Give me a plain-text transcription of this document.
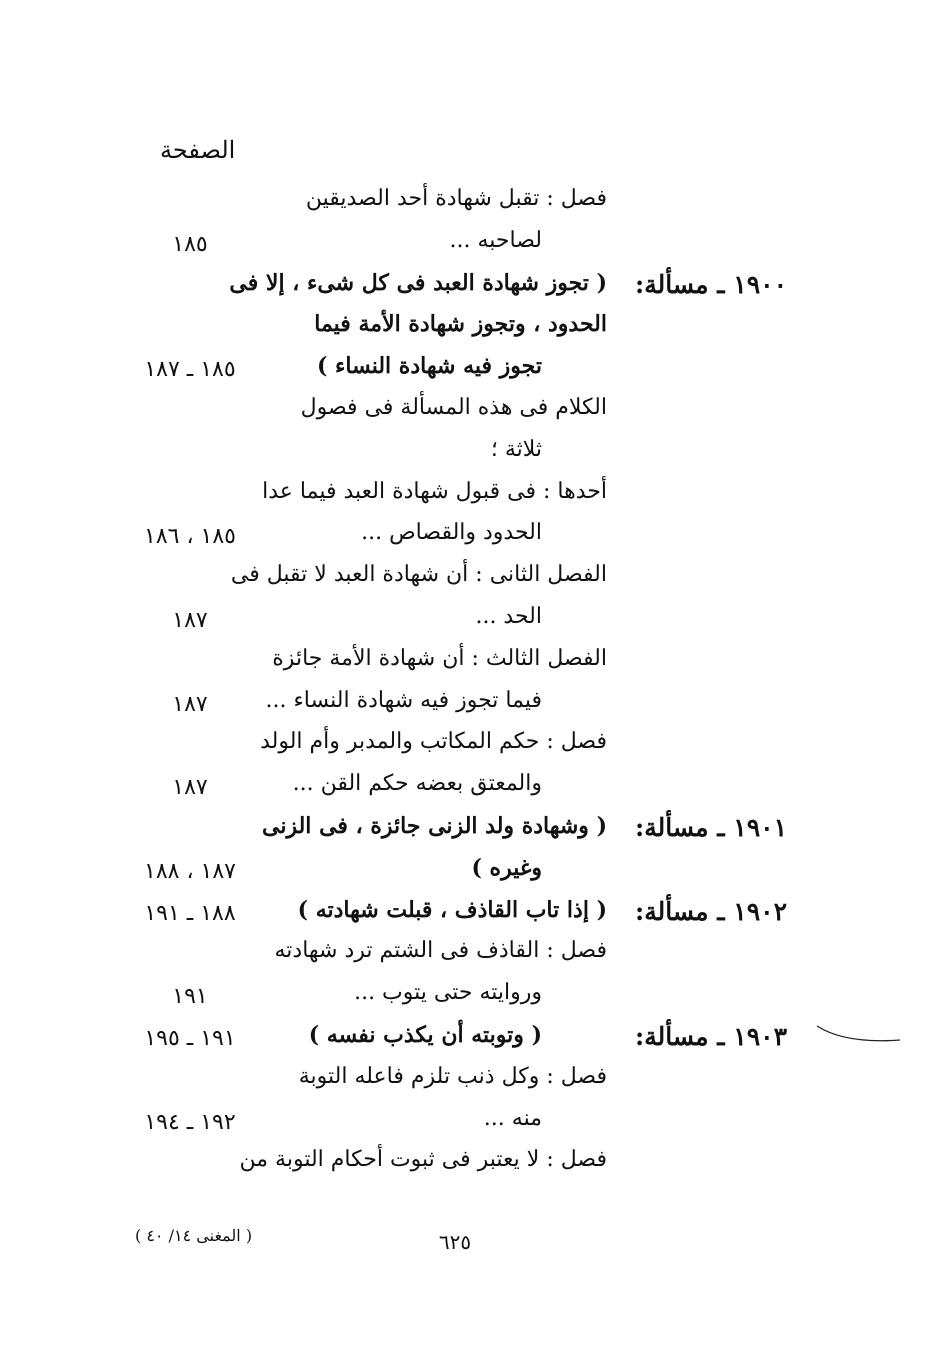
الصفحة
فصل : تقبل شهادة أحد الصديقين
لصاحبه ...
١٨٥
١٩٠٠ ـ مسألة:
( تجوز شهادة العبد فى كل شىء ، إلا فى
الحدود ، وتجوز شهادة الأمة فيما
تجوز فيه شهادة النساء )
١٨٥ ـ ١٨٧
الكلام فى هذه المسألة فى فصول
ثلاثة ؛
أحدها : فى قبول شهادة العبد فيما عدا
الحدود والقصاص ...
١٨٥ ، ١٨٦
الفصل الثانى : أن شهادة العبد لا تقبل فى
الحد ...
١٨٧
الفصل الثالث : أن شهادة الأمة جائزة
فيما تجوز فيه شهادة النساء ...
١٨٧
فصل : حكم المكاتب والمدبر وأم الولد
والمعتق بعضه حكم القن ...
١٨٧
١٩٠١ ـ مسألة:
( وشهادة ولد الزنى جائزة ، فى الزنى
وغيره )
١٨٧ ، ١٨٨
١٩٠٢ ـ مسألة:
( إذا تاب القاذف ، قبلت شهادته )
١٨٨ ـ ١٩١
فصل : القاذف فى الشتم ترد شهادته
وروايته حتى يتوب ...
١٩١
١٩٠٣ ـ مسألة:
( وتوبته أن يكذب نفسه )
١٩١ ـ ١٩٥
فصل : وكل ذنب تلزم فاعله التوبة
منه ...
١٩٢ ـ ١٩٤
فصل : لا يعتبر فى ثبوت أحكام التوبة من
( المغنى ١٤/ ٤٠ )	٦٢٥
